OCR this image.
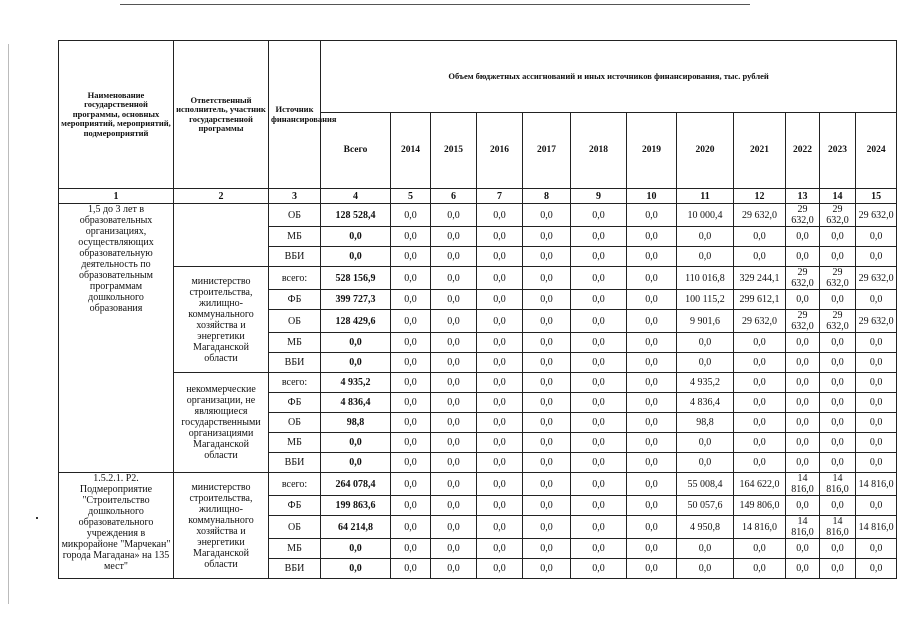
Наименование государственной программы, основных мероприятий, мероприятий, подмероприятий	Ответственный исполнитель, участник государственной программы	Источник финансирования	Объем бюджетных ассигнований и иных источников финансирования, тыс. рублей											
			Всего	2014	2015	2016	2017	2018	2019	2020	2021	2022	2023	2024
1	2	3	4	5	6	7	8	9	10	11	12	13	14	15
1,5 до 3 лет в образовательных организациях, осуществляющих образовательную деятельность по образовательным программам дошкольного образования		ОБ	128 528,4	0,0	0,0	0,0	0,0	0,0	0,0	10 000,4	29 632,0	29 632,0	29 632,0	29 632,0
		МБ	0,0	0,0	0,0	0,0	0,0	0,0	0,0	0,0	0,0	0,0	0,0	0,0
		ВБИ	0,0	0,0	0,0	0,0	0,0	0,0	0,0	0,0	0,0	0,0	0,0	0,0
	министерство строительства, жилищно-коммунального хозяйства и энергетики Магаданской области	всего:	528 156,9	0,0	0,0	0,0	0,0	0,0	0,0	110 016,8	329 244,1	29 632,0	29 632,0	29 632,0
		ФБ	399 727,3	0,0	0,0	0,0	0,0	0,0	0,0	100 115,2	299 612,1	0,0	0,0	0,0
		ОБ	128 429,6	0,0	0,0	0,0	0,0	0,0	0,0	9 901,6	29 632,0	29 632,0	29 632,0	29 632,0
		МБ	0,0	0,0	0,0	0,0	0,0	0,0	0,0	0,0	0,0	0,0	0,0	0,0
		ВБИ	0,0	0,0	0,0	0,0	0,0	0,0	0,0	0,0	0,0	0,0	0,0	0,0
	некоммерческие организации, не являющиеся государственными организациями Магаданской области	всего:	4 935,2	0,0	0,0	0,0	0,0	0,0	0,0	4 935,2	0,0	0,0	0,0	0,0
		ФБ	4 836,4	0,0	0,0	0,0	0,0	0,0	0,0	4 836,4	0,0	0,0	0,0	0,0
		ОБ	98,8	0,0	0,0	0,0	0,0	0,0	0,0	98,8	0,0	0,0	0,0	0,0
		МБ	0,0	0,0	0,0	0,0	0,0	0,0	0,0	0,0	0,0	0,0	0,0	0,0
		ВБИ	0,0	0,0	0,0	0,0	0,0	0,0	0,0	0,0	0,0	0,0	0,0	0,0
1.5.2.1. Р2. Подмероприятие "Строительство дошкольного образовательного учреждения в микрорайоне "Марчекан" города Магадана» на 135 мест"	министерство строительства, жилищно-коммунального хозяйства и энергетики Магаданской области	всего:	264 078,4	0,0	0,0	0,0	0,0	0,0	0,0	55 008,4	164 622,0	14 816,0	14 816,0	14 816,0
		ФБ	199 863,6	0,0	0,0	0,0	0,0	0,0	0,0	50 057,6	149 806,0	0,0	0,0	0,0
		ОБ	64 214,8	0,0	0,0	0,0	0,0	0,0	0,0	4 950,8	14 816,0	14 816,0	14 816,0	14 816,0
		МБ	0,0	0,0	0,0	0,0	0,0	0,0	0,0	0,0	0,0	0,0	0,0	0,0
		ВБИ	0,0	0,0	0,0	0,0	0,0	0,0	0,0	0,0	0,0	0,0	0,0	0,0
